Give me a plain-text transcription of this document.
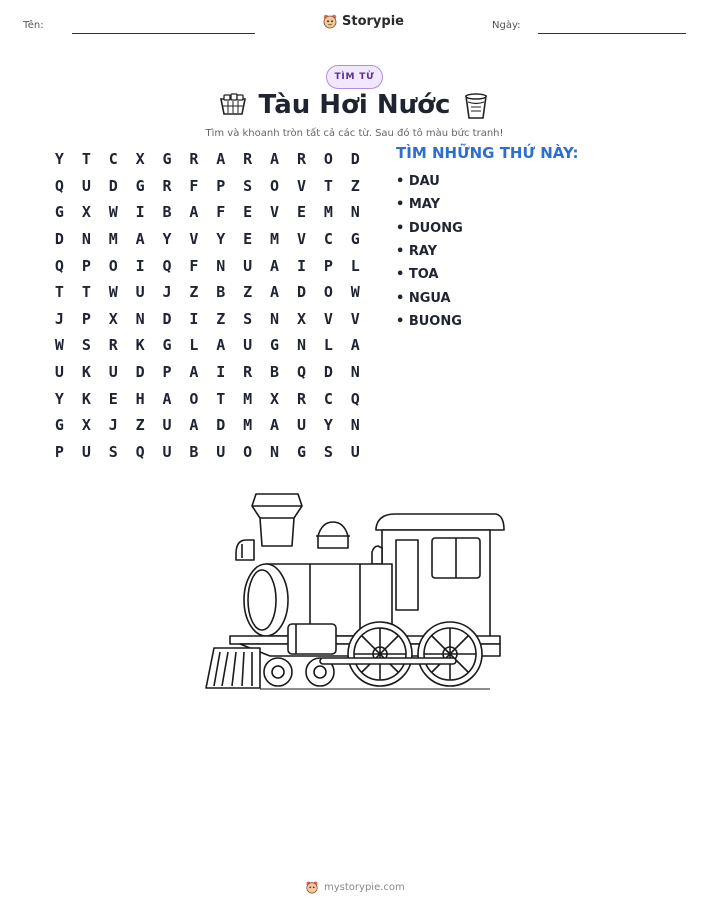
Tên:	Storypie	Ngày:
TÌM TỪ
Tàu Hơi Nước
Tìm và khoanh tròn tất cả các từ. Sau đó tô màu bức tranh!
Y	T	C	X	G	R	A	R	A	R	O	D
Q	U	D	G	R	F	P	S	O	V	T	Z
G	X	W	I	B	A	F	E	V	E	M	N
D	N	M	A	Y	V	Y	E	M	V	C	G
Q	P	O	I	Q	F	N	U	A	I	P	L
T	T	W	U	J	Z	B	Z	A	D	O	W
J	P	X	N	D	I	Z	S	N	X	V	V
W	S	R	K	G	L	A	U	G	N	L	A
U	K	U	D	P	A	I	R	B	Q	D	N
Y	K	E	H	A	O	T	M	X	R	C	Q
G	X	J	Z	U	A	D	M	A	U	Y	N
P	U	S	Q	U	B	U	O	N	G	S	U
TÌM NHỮNG THỨ NÀY:
• DAU
• MAY
• DUONG
• RAY
• TOA
• NGUA
• BUONG
mystorypie.com
